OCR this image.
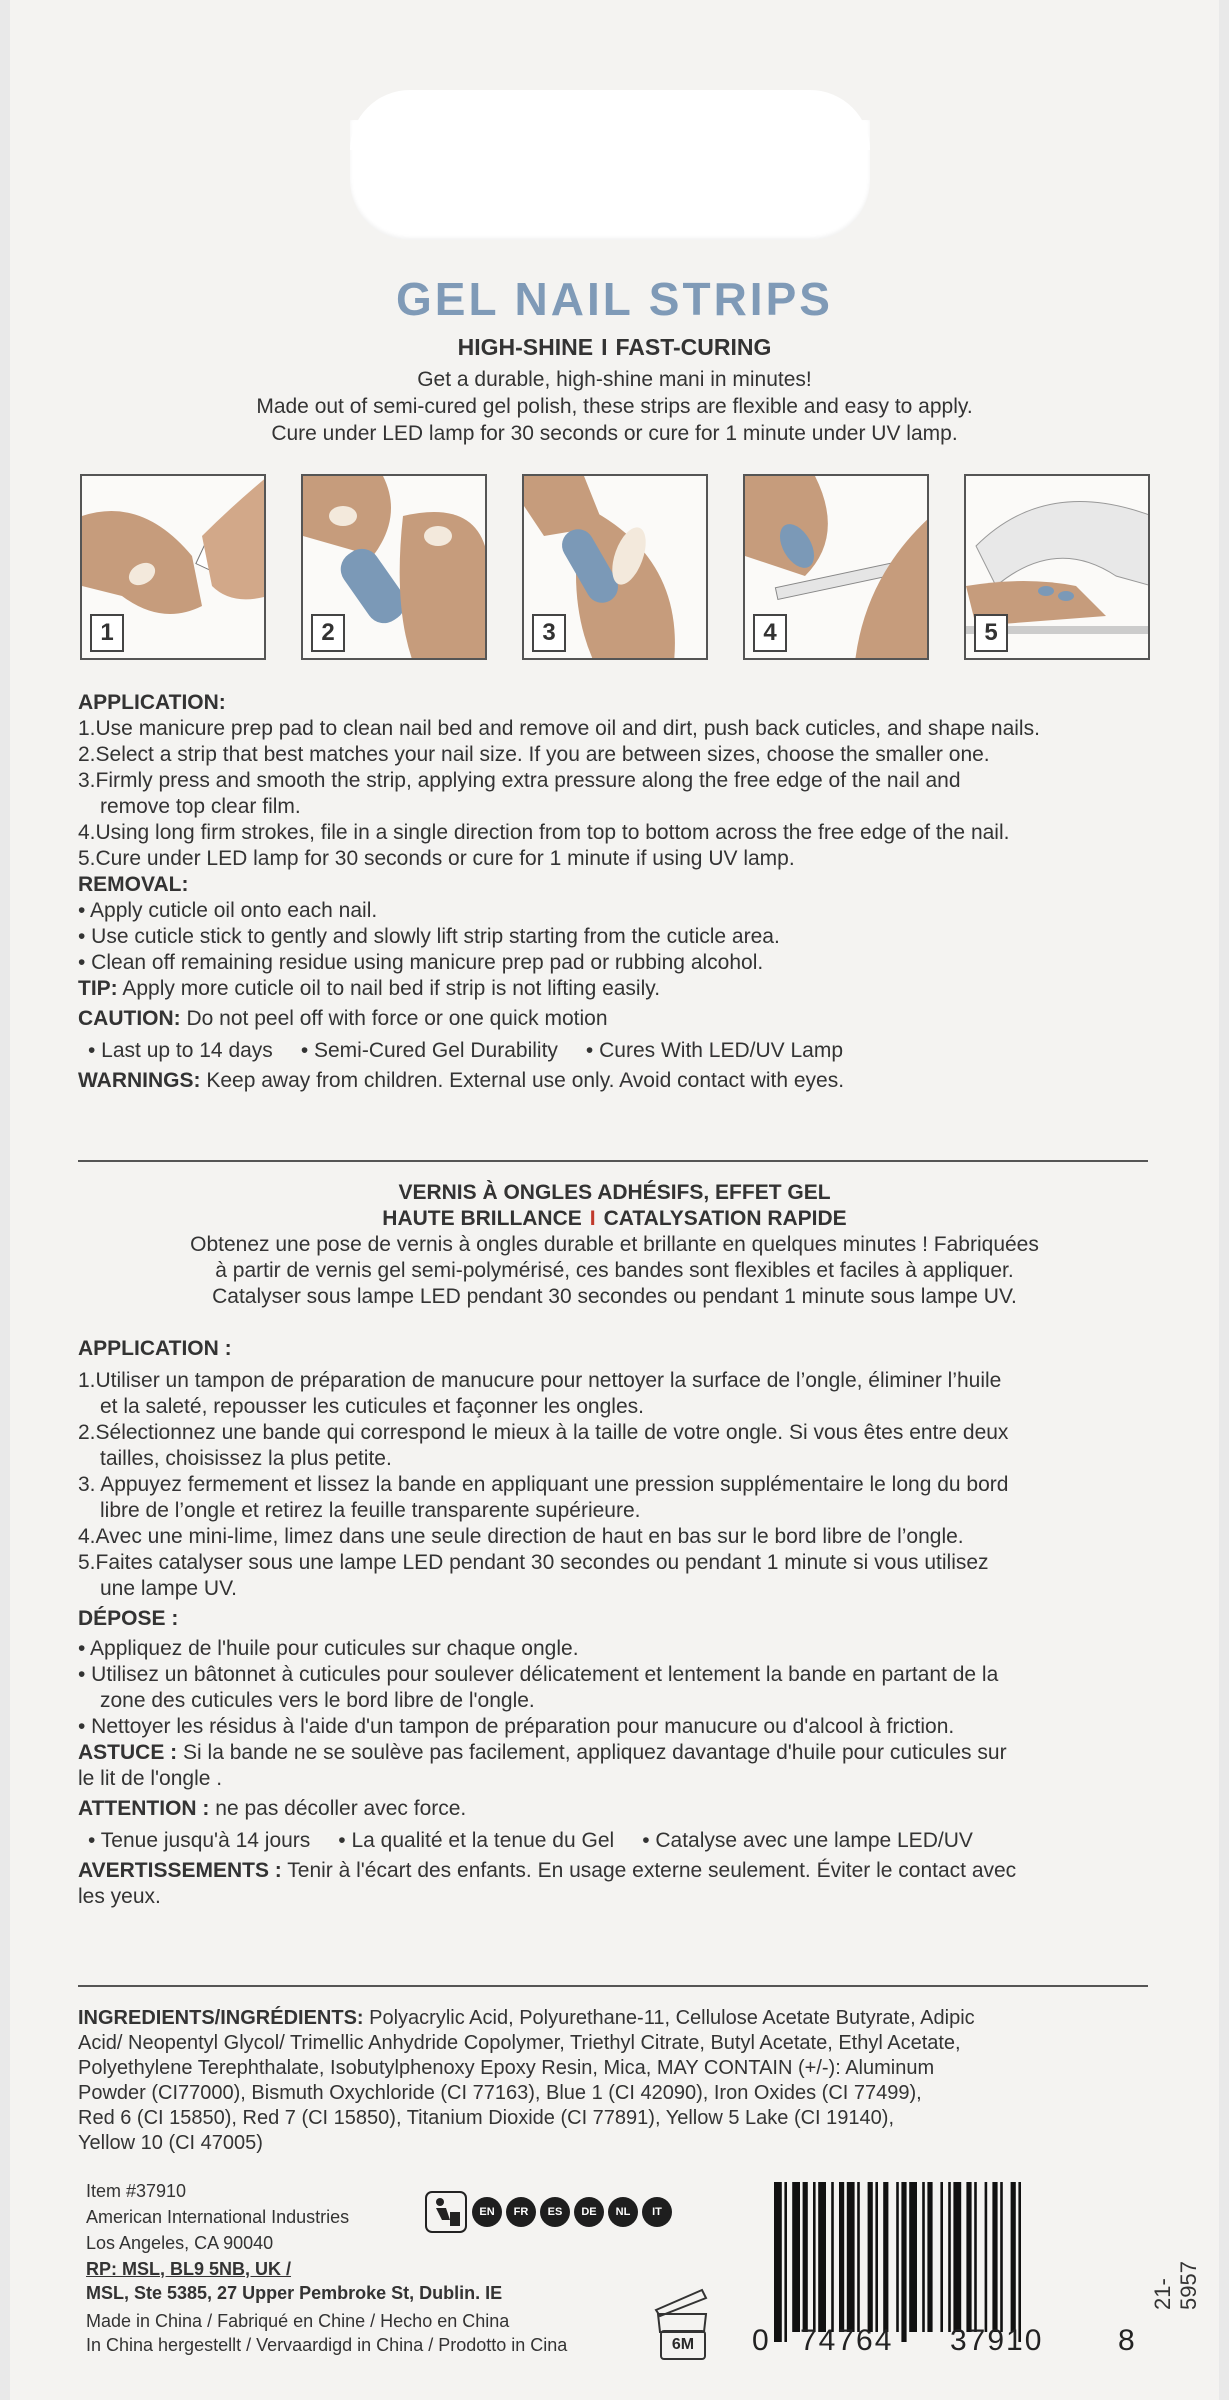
GEL NAIL STRIPS
HIGH-SHINE I FAST-CURING

Get a durable, high-shine mani in minutes!

Made out of semi-cured gel polish, these strips are flexible and easy to apply.

Cure under LED lamp for 30 seconds or cure for 1 minute under UV lamp.

1	2	3	4	5

APPLICATION:

1.Use manicure prep pad to clean nail bed and remove oil and dirt, push back cuticles, and shape nails.

2.Select a strip that best matches your nail size. If you are between sizes, choose the smaller one.

3.Firmly press and smooth the strip, applying extra pressure along the free edge of the nail and

remove top clear film.

4.Using long firm strokes, file in a single direction from top to bottom across the free edge of the nail.

5.Cure under LED lamp for 30 seconds or cure for 1 minute if using UV lamp.

REMOVAL:

• Apply cuticle oil onto each nail.

• Use cuticle stick to gently and slowly lift strip starting from the cuticle area.

• Clean off remaining residue using manicure prep pad or rubbing alcohol.

TIP: Apply more cuticle oil to nail bed if strip is not lifting easily.

CAUTION: Do not peel off with force or one quick motion

• Last up to 14 days • Semi-Cured Gel Durability • Cures With LED/UV Lamp

WARNINGS: Keep away from children. External use only. Avoid contact with eyes.

VERNIS À ONGLES ADHÉSIFS, EFFET GEL

HAUTE BRILLANCE I CATALYSATION RAPIDE

Obtenez une pose de vernis à ongles durable et brillante en quelques minutes ! Fabriquées

à partir de vernis gel semi-polymérisé, ces bandes sont flexibles et faciles à appliquer.

Catalyser sous lampe LED pendant 30 secondes ou pendant 1 minute sous lampe UV.

APPLICATION :

1.Utiliser un tampon de préparation de manucure pour nettoyer la surface de l’ongle, éliminer l’huile

et la saleté, repousser les cuticules et façonner les ongles.

2.Sélectionnez une bande qui correspond le mieux à la taille de votre ongle. Si vous êtes entre deux

tailles, choisissez la plus petite.

3. Appuyez fermement et lissez la bande en appliquant une pression supplémentaire le long du bord

libre de l’ongle et retirez la feuille transparente supérieure.

4.Avec une mini-lime, limez dans une seule direction de haut en bas sur le bord libre de l’ongle.

5.Faites catalyser sous une lampe LED pendant 30 secondes ou pendant 1 minute si vous utilisez

une lampe UV.

DÉPOSE :

• Appliquez de l'huile pour cuticules sur chaque ongle.

• Utilisez un bâtonnet à cuticules pour soulever délicatement et lentement la bande en partant de la

zone des cuticules vers le bord libre de l'ongle.

• Nettoyer les résidus à l'aide d'un tampon de préparation pour manucure ou d'alcool à friction.

ASTUCE : Si la bande ne se soulève pas facilement, appliquez davantage d'huile pour cuticules sur

le lit de l'ongle .

ATTENTION : ne pas décoller avec force.

• Tenue jusqu'à 14 jours • La qualité et la tenue du Gel • Catalyse avec une lampe LED/UV

AVERTISSEMENTS : Tenir à l'écart des enfants. En usage externe seulement. Éviter le contact avec

les yeux.

INGREDIENTS/INGRÉDIENTS: Polyacrylic Acid, Polyurethane-11, Cellulose Acetate Butyrate, Adipic

Acid/ Neopentyl Glycol/ Trimellic Anhydride Copolymer, Triethyl Citrate, Butyl Acetate, Ethyl Acetate,

Polyethylene Terephthalate, Isobutylphenoxy Epoxy Resin, Mica, MAY CONTAIN (+/-): Aluminum

Powder (CI77000), Bismuth Oxychloride (CI 77163), Blue 1 (CI 42090), Iron Oxides (CI 77499),

Red 6 (CI 15850), Red 7 (CI 15850), Titanium Dioxide (CI 77891), Yellow 5 Lake (CI 19140),

Yellow 10 (CI 47005)

Item #37910

American International Industries

Los Angeles, CA 90040

RP: MSL, BL9 5NB, UK /

MSL, Ste 5385, 27 Upper Pembroke St, Dublin. IE

Made in China / Fabriqué en Chine / Hecho en China

In China hergestellt / Vervaardigd in China / Prodotto in Cina

EN	FR	ES	DE	NL	IT
6M	0 74764 37910 8
21-5957
